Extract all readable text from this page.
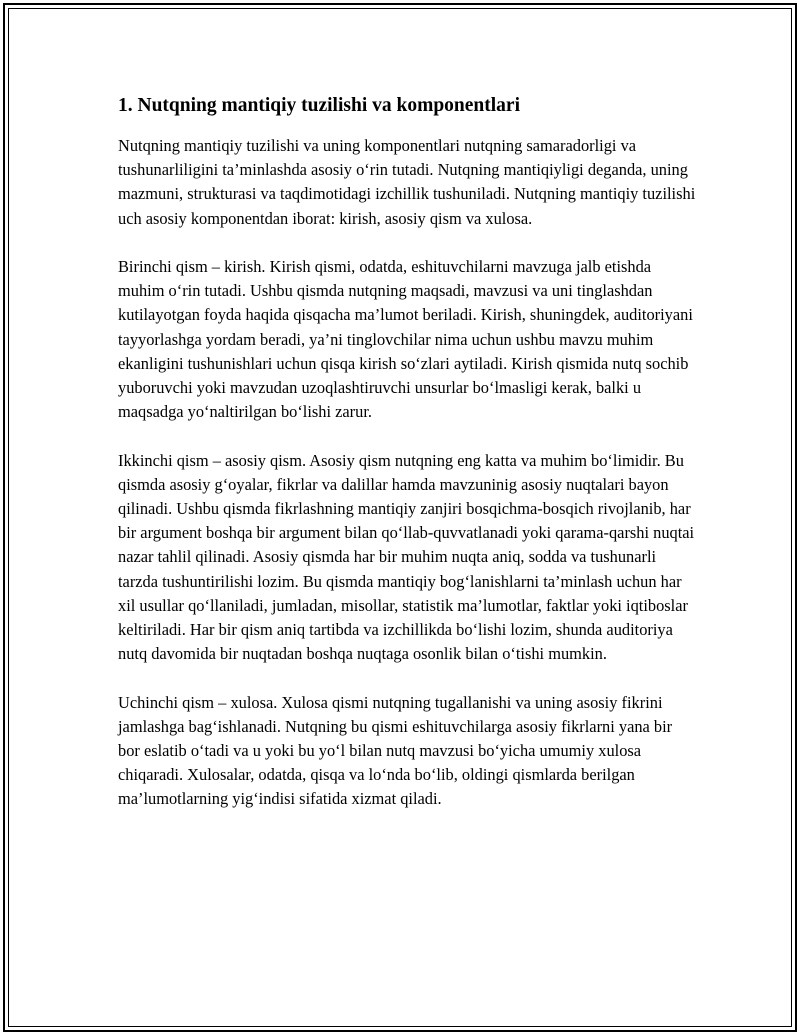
1. Nutqning mantiqiy tuzilishi va komponentlari

Nutqning mantiqiy tuzilishi va uning komponentlari nutqning samaradorligi va tushunarliligini ta’minlashda asosiy o‘rin tutadi. Nutqning mantiqiyligi deganda, uning mazmuni, strukturasi va taqdimotidagi izchillik tushuniladi. Nutqning mantiqiy tuzilishi uch asosiy komponentdan iborat: kirish, asosiy qism va xulosa.

Birinchi qism – kirish. Kirish qismi, odatda, eshituvchilarni mavzuga jalb etishda muhim o‘rin tutadi. Ushbu qismda nutqning maqsadi, mavzusi va uni tinglashdan kutilayotgan foyda haqida qisqacha ma’lumot beriladi. Kirish, shuningdek, auditoriyani tayyorlashga yordam beradi, ya’ni tinglovchilar nima uchun ushbu mavzu muhim ekanligini tushunishlari uchun qisqa kirish so‘zlari aytiladi. Kirish qismida nutq sochib yuboruvchi yoki mavzudan uzoqlashtiruvchi unsurlar bo‘lmasligi kerak, balki u maqsadga yo‘naltirilgan bo‘lishi zarur.

Ikkinchi qism – asosiy qism. Asosiy qism nutqning eng katta va muhim bo‘limidir. Bu qismda asosiy g‘oyalar, fikrlar va dalillar hamda mavzuninig asosiy nuqtalari bayon qilinadi. Ushbu qismda fikrlashning mantiqiy zanjiri bosqichma-bosqich rivojlanib, har bir argument boshqa bir argument bilan qo‘llab-quvvatlanadi yoki qarama-qarshi nuqtai nazar tahlil qilinadi. Asosiy qismda har bir muhim nuqta aniq, sodda va tushunarli tarzda tushuntirilishi lozim. Bu qismda mantiqiy bog‘lanishlarni ta’minlash uchun har xil usullar qo‘llaniladi, jumladan, misollar, statistik ma’lumotlar, faktlar yoki iqtiboslar keltiriladi. Har bir qism aniq tartibda va izchillikda bo‘lishi lozim, shunda auditoriya nutq davomida bir nuqtadan boshqa nuqtaga osonlik bilan o‘tishi mumkin.

Uchinchi qism – xulosa. Xulosa qismi nutqning tugallanishi va uning asosiy fikrini jamlashga bag‘ishlanadi. Nutqning bu qismi eshituvchilarga asosiy fikrlarni yana bir bor eslatib o‘tadi va u yoki bu yo‘l bilan nutq mavzusi bo‘yicha umumiy xulosa chiqaradi. Xulosalar, odatda, qisqa va lo‘nda bo‘lib, oldingi qismlarda berilgan ma’lumotlarning yig‘indisi sifatida xizmat qiladi.
